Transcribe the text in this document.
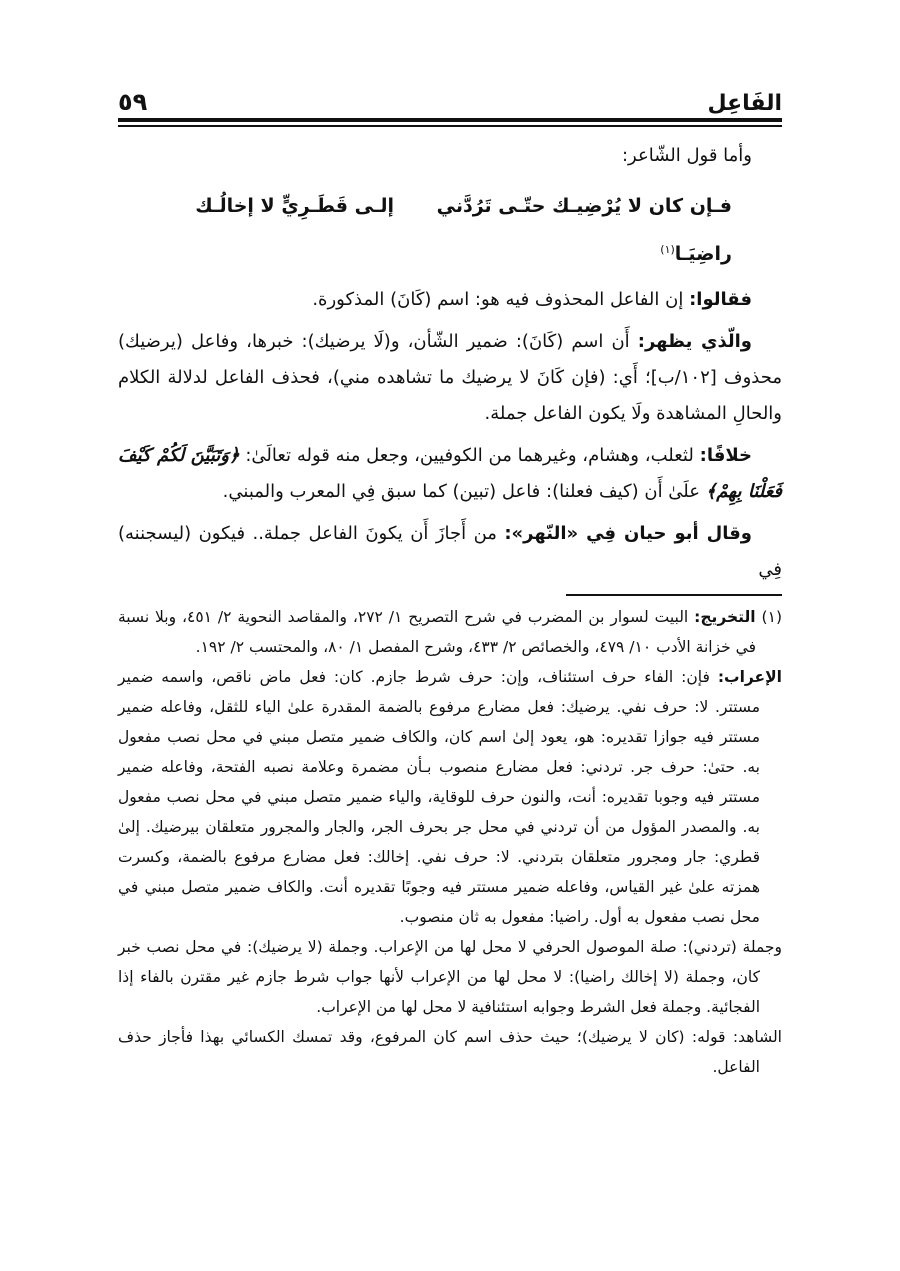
الفَاعِل
٥٩

وأما قول الشّاعر:

فـإن كان لا يُرْضِيـك حتّـى تَرُدَّني إلـى قَطَـرِيٍّ لا إخالُـك راضِيَـا$^{(١)}$

فقالوا: إن الفاعل المحذوف فيه هو: اسم (كَانَ) المذكورة.

والّذي يظهر: أَن اسم (كَانَ): ضمير الشّأن، و(لَا يرضيك): خبرها، وفاعل (يرضيك) محذوف [١٠٢/ب]؛ أَي: (فإن كَانَ لا يرضيك ما تشاهده مني)، فحذف الفاعل لدلالة الكلام والحالِ المشاهدة ولَا يكون الفاعل جملة.

خلافًا: لثعلب، وهشام، وغيرهما من الكوفيين، وجعل منه قوله تعالَىٰ: ﴿وَتَبَيَّنَ لَكُمْ كَيْفَ فَعَلْنَا بِهِمْ﴾ علَىٰ أَن (كيف فعلنا): فاعل (تبين) كما سبق فِي المعرب والمبني.

وقال أبو حيان فِي «النّهر»: من أَجازَ أَن يكونَ الفاعل جملة.. فيكون (ليسجننه) فِي

(١) التخريج: البيت لسوار بن المضرب في شرح التصريح ١/ ٢٧٢، والمقاصد النحوية ٢/ ٤٥١، وبلا نسبة في خزانة الأدب ١٠/ ٤٧٩، والخصائص ٢/ ٤٣٣، وشرح المفصل ١/ ٨٠، والمحتسب ٢/ ١٩٢.

الإعراب: فإن: الفاء حرف استئناف، وإن: حرف شرط جازم. كان: فعل ماض ناقص، واسمه ضمير مستتر. لا: حرف نفي. يرضيك: فعل مضارع مرفوع بالضمة المقدرة علىٰ الياء للثقل، وفاعله ضمير مستتر فيه جوازا تقديره: هو، يعود إلىٰ اسم كان، والكاف ضمير متصل مبني في محل نصب مفعول به. حتىٰ: حرف جر. تردني: فعل مضارع منصوب بـأن مضمرة وعلامة نصبه الفتحة، وفاعله ضمير مستتر فيه وجوبا تقديره: أنت، والنون حرف للوقاية، والياء ضمير متصل مبني في محل نصب مفعول به. والمصدر المؤول من أن تردني في محل جر بحرف الجر، والجار والمجرور متعلقان بيرضيك. إلىٰ قطري: جار ومجرور متعلقان بتردني. لا: حرف نفي. إخالك: فعل مضارع مرفوع بالضمة، وكسرت همزته علىٰ غير القياس، وفاعله ضمير مستتر فيه وجوبًا تقديره أنت. والكاف ضمير متصل مبني في محل نصب مفعول به أول. راضيا: مفعول به ثان منصوب.

وجملة (تردني): صلة الموصول الحرفي لا محل لها من الإعراب. وجملة (لا يرضيك): في محل نصب خبر كان، وجملة (لا إخالك راضيا): لا محل لها من الإعراب لأنها جواب شرط جازم غير مقترن بالفاء إذا الفجائية. وجملة فعل الشرط وجوابه استئنافية لا محل لها من الإعراب.

الشاهد: قوله: (كان لا يرضيك)؛ حيث حذف اسم كان المرفوع، وقد تمسك الكسائي بهذا فأجاز حذف الفاعل.
